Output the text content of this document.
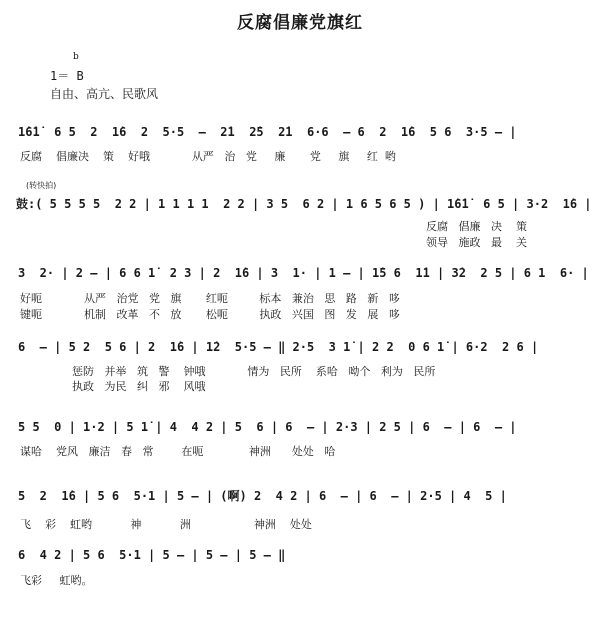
反腐倡廉党旗红
b
1＝ B
自由、高亢、民歌风
1̇6̇1̇  6 5  2  1̇6  2  5·5  —  2̇1  2̇5  2̇1  6·6  — 6  2  1̇6  5 6  3·5 — |
反腐    倡廉决    策    好哦            从严   治   党     廉       党     旗     红  哟
(转快拍)
鼓:( 5 5 5 5  2 2 | 1 1 1 1  2 2 | 3 5  6 2 | 1 6 5 6 5 ) | 1̇6̇1̇  6 5 | 3·2  1̇6 |
反腐   倡廉   决    策
领导   施政   最    关
3  2· | 2 — | 6 6 1̇  2 3 | 2  1̇6 | 3  1· | 1 — | 1̇5 6  1̇1 | 3̇2  2 5 | 6 1  6· |
好呃            从严   治党   党   旗       红呃         标本   兼治   思   路   新   哆
键呃            机制   改革   不   放       松呃         执政   兴国   图   发   展   哆
6  — | 5 2  5 6 | 2  1̇6 | 1̇2  5·5 — ‖ 2·5  3 1̇ | 2 2  0 6 1̇ | 6·2  2 6 |
惩防   并举   筑   警    钟哦            情为   民所    系哈   呦个   利为   民所
执政   为民   纠   邪    风哦
5 5  0 | 1·2 | 5 1̇ | 4  4 2 | 5  6 | 6  — | 2·3 | 2 5 | 6  — | 6  — |
谋哈    党风   廉洁   春   常        在呃             神洲      处处   哈
5  2  1̇6 | 5 6  5·1 | 5 — | (啊) 2  4 2 | 6  — | 6  — | 2·5 | 4  5 |
飞    彩    虹哟           神           洲                  神洲    处处
6  4 2 | 5 6  5·1 | 5 — | 5 — | 5 — ‖
飞彩     虹哟。
